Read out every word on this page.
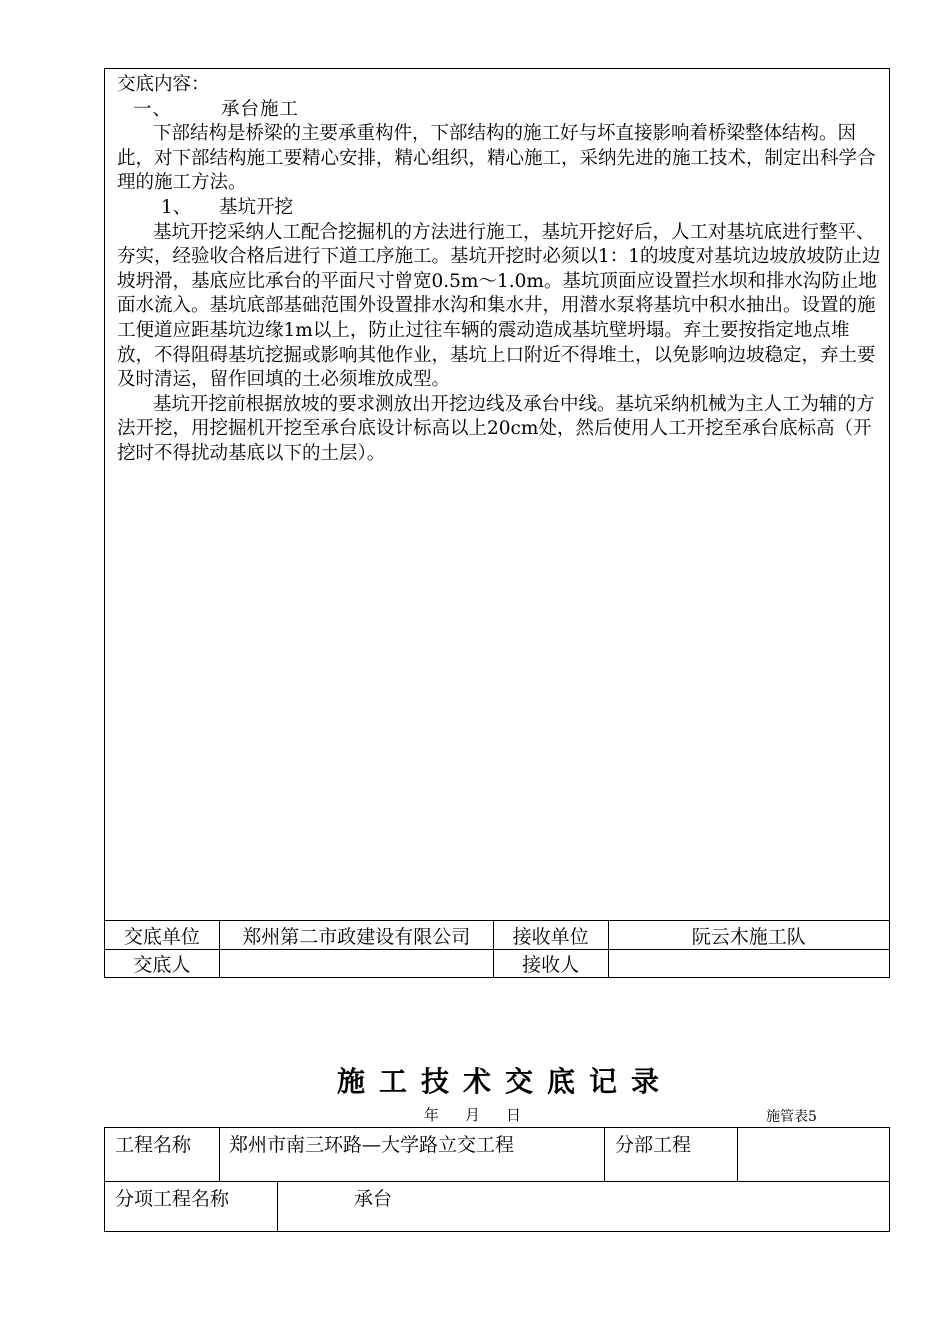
交底内容：

一、	承台施工

下部结构是桥梁的主要承重构件，下部结构的施工好与坏直接影响着桥梁整体结构。因此，对下部结构施工要精心安排，精心组织，精心施工，采纳先进的施工技术，制定出科学合理的施工方法。

1、 基坑开挖

基坑开挖采纳人工配合挖掘机的方法进行施工，基坑开挖好后，人工对基坑底进行整平、夯实，经验收合格后进行下道工序施工。基坑开挖时必须以1：1的坡度对基坑边坡放坡防止边坡坍滑，基底应比承台的平面尺寸曾宽0.5m～1.0m。基坑顶面应设置拦水坝和排水沟防止地面水流入。基坑底部基础范围外设置排水沟和集水井，用潜水泵将基坑中积水抽出。设置的施工便道应距基坑边缘1m以上，防止过往车辆的震动造成基坑壁坍塌。弃土要按指定地点堆放，不得阻碍基坑挖掘或影响其他作业，基坑上口附近不得堆土，以免影响边坡稳定，弃土要及时清运，留作回填的土必须堆放成型。

基坑开挖前根据放坡的要求测放出开挖边线及承台中线。基坑采纳机械为主人工为辅的方法开挖，用挖掘机开挖至承台底设计标高以上20cm处，然后使用人工开挖至承台底标高（开挖时不得扰动基底以下的土层）。

交底单位	郑州第二市政建设有限公司	接收单位	阮云木施工队
交底人		接收人	
施工技术交底记录
年 月 日	施管表5
工程名称	郑州市南三环路—大学路立交工程	分部工程
分项工程名称	承台
